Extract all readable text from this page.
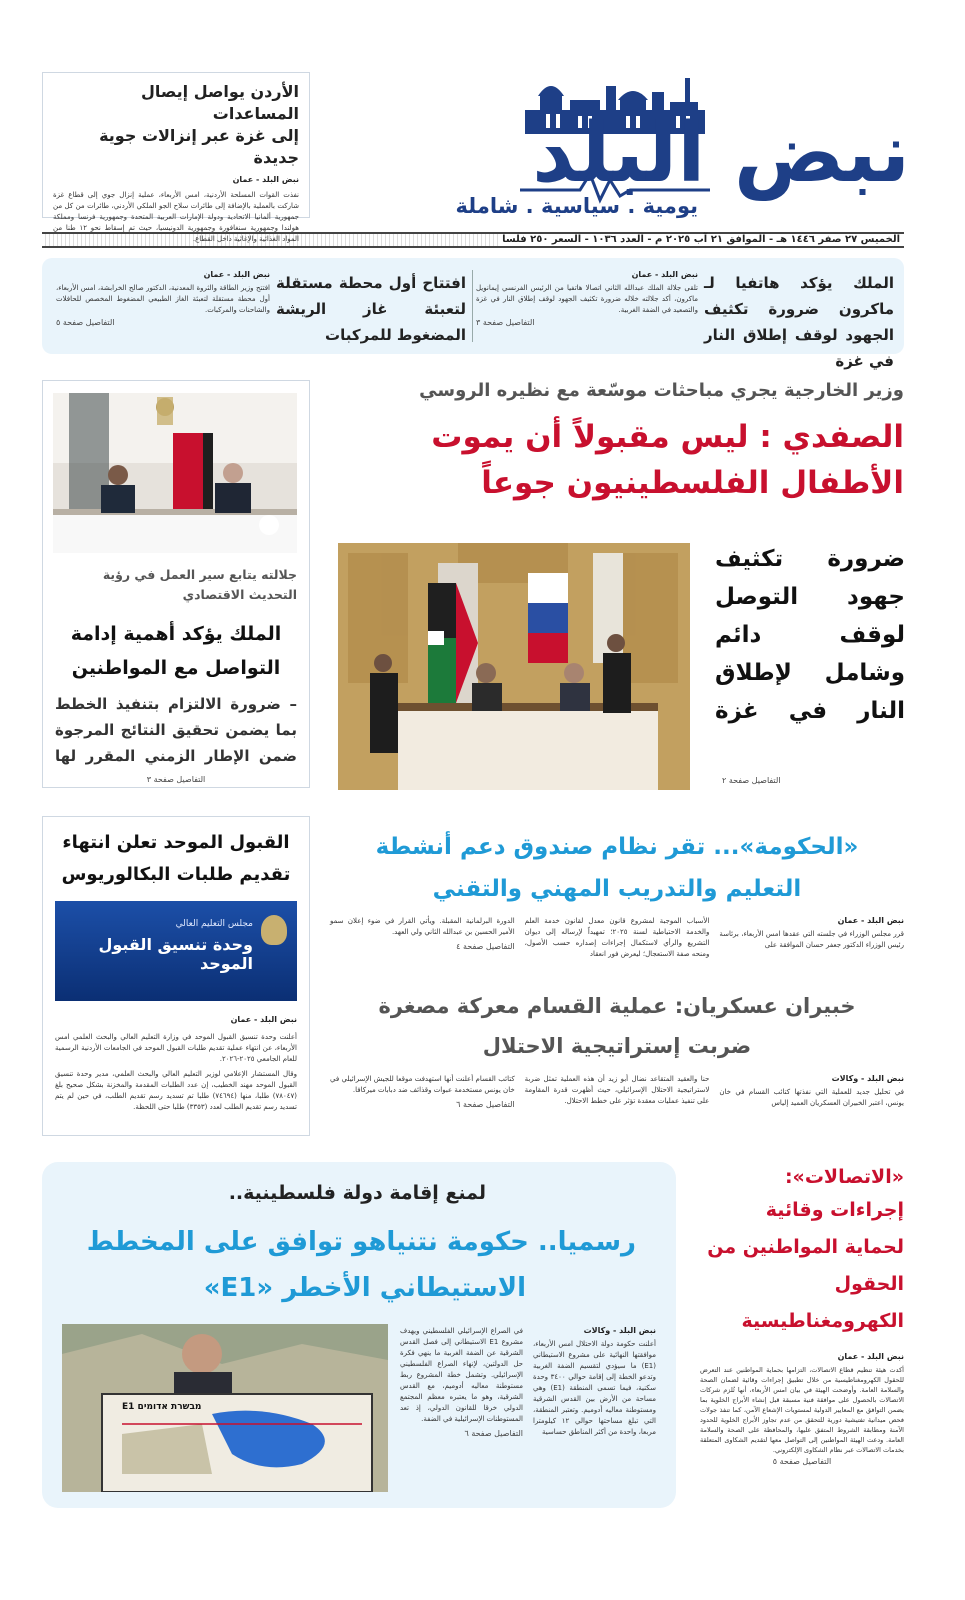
نبض البلد
يومية . سياسية . شاملة
الخميس ٢٧ صفر ١٤٤٦ هـ - الموافق ٢١ آب ٢٠٢٥ م - العدد ١٠٣٦ - السعر ٢٥٠ فلسا
الأردن يواصل إيصال المساعدات
إلى غزة عبر إنزالات جوية جديدة
نبض البلد - عمان
نفذت القوات المسلحة الأردنية، امس الأربعاء، عملية إنزال جوي إلى قطاع غزة شاركت بالعملية بالإضافة إلى طائرات سلاح الجو الملكي الأردني، طائرات من كل من جمهورية ألمانيا الاتحادية ودولة الإمارات العربية المتحدة وجمهورية فرنسا ومملكة هولندا وجمهورية سنغافورة وجمهورية الدونيسيا، حيث تم إسقاط نحو ١٢ طنا من المواد الغذائية والإغاثية داخل القطاع.
الملك يؤكد هاتفيا لـ ماكرون ضرورة تكثيف الجهود لوقف إطلاق النار في غزة
نبض البلد - عمان
تلقى جلالة الملك عبدالله الثاني اتصالا هاتفيا من الرئيس الفرنسي إيمانويل ماكرون، أكد جلالته خلاله ضرورة تكثيف الجهود لوقف إطلاق النار في غزة والتصعيد في الضفة الغربية.
التفاصيل صفحة ٣
افتتاح أول محطة مستقلة لتعبئة غاز الريشة المضغوط للمركبات
نبض البلد - عمان
افتتح وزير الطاقة والثروة المعدنية، الدكتور صالح الخرابشة، امس الأربعاء، أول محطة مستقلة لتعبئة الغاز الطبيعي المضغوط المخصص للحافلات والشاحنات والمركبات.
التفاصيل صفحة ٥
وزير الخارجية يجري مباحثات موسّعة مع نظيره الروسي
الصفدي : ليس مقبولاً أن يموت
الأطفال الفلسطينيون جوعاً
ضرورة تكثيف جهود التوصل لوقف دائم وشامل لإطلاق النار في غزة
التفاصيل صفحة ٢
جلالته يتابع سير العمل في رؤية التحديث الاقتصادي
الملك يؤكد أهمية إدامة التواصل مع المواطنين
– ضرورة الالتزام بتنفيذ الخطط بما يضمن تحقيق النتائج المرجوة ضمن الإطار الزمني المقرر لها
التفاصيل صفحة ٣
«الحكومة»... تقر نظام صندوق دعم أنشطة التعليم والتدريب المهني والتقني
نبض البلد - عمان
قرر مجلس الوزراء في جلسته التي عقدها امس الأربعاء، برئاسة رئيس الوزراء الدكتور جعفر حسان الموافقة على
الأسباب الموجبة لمشروع قانون معدل لقانون خدمة العلم والخدمة الاحتياطية لسنة ٢٠٢٥؛ تمهيداً لإرساله إلى ديوان التشريع والرأي لاستكمال إجراءات إصداره حسب الأصول، ومنحه صفة الاستعجال؛ ليعرض فور انعقاد
الدورة البرلمانية المقبلة. ويأتي القرار في ضوء إعلان سمو الأمير الحسين بن عبدالله الثاني ولي العهد.
التفاصيل صفحة ٤
القبول الموحد تعلن انتهاء تقديم طلبات البكالوريوس
مجلس التعليم العالي
وحدة تنسيق القبول الموحد
نبض البلد - عمان
أعلنت وحدة تنسيق القبول الموحد في وزارة التعليم العالي والبحث العلمي امس الأربعاء، عن انتهاء عملية تقديم طلبات القبول الموحد في الجامعات الأردنية الرسمية للعام الجامعي ٢٠٢٥-٢٠٢٦.
وقال المستشار الإعلامي لوزير التعليم العالي والبحث العلمي، مدير وحدة تنسيق القبول الموحد مهند الخطيب، إن عدد الطلبات المقدمة والمخزنة بشكل صحيح بلغ (٧٨٠٤٧) طلبا، منها (٧٤٦٩٤) طلبا تم تسديد رسم تقديم الطلب، في حين لم يتم تسديد رسم تقديم الطلب لعدد (٣٣٥٣) طلبا حتى اللحظة.
خبيران عسكريان: عملية القسام معركة مصغرة
ضربت إستراتيجية الاحتلال
نبض البلد - وكالات
في تحليل جديد للعملية التي نفذتها كتائب القسام في خان يونس، اعتبر الخبيران العسكريان العميد إلياس
حنا والعقيد المتقاعد نضال أبو زيد أن هذه العملية تمثل ضربة لاستراتيجية الاحتلال الإسرائيلي، حيث أظهرت قدرة المقاومة على تنفيذ عمليات معقدة تؤثر على خطط الاحتلال.
كتائب القسام أعلنت أنها استهدفت موقعا للجيش الإسرائيلي في خان يونس مستخدمة عبوات وقذائف ضد دبابات ميركافا.
التفاصيل صفحة ٦
لمنع إقامة دولة فلسطينية..
رسميا.. حكومة نتنياهو توافق على المخطط
الاستيطاني الأخطر «E1»
מבשרת אדומים E1
نبض البلد - وكالات
أعلنت حكومة دولة الاحتلال امس الأربعاء، موافقتها النهائية على مشروع الاستيطاني (E1) ما سيؤدي لتقسيم الضفة الغربية وتدعو الخطة إلى إقامة حوالي ٣٤٠٠ وحدة سكنية، فيما تسمى المنطقة (E1) وهي مساحة من الأرض بين القدس الشرقية ومستوطنة معاليه أدوميم. وتعتبر المنطقة، التي تبلغ مساحتها حوالي ١٢ كيلومترا مربعا، واحدة من أكثر المناطق حساسية
في الصراع الإسرائيلي الفلسطيني ويهدف مشروع E1 الاستيطاني إلى فصل القدس الشرقية عن الضفة الغربية ما ينهي فكرة حل الدولتين، لإنهاء الصراع الفلسطيني الإسرائيلي. وتشمل خطة المشروع ربط مستوطنة معاليه أدوميم، مع القدس الشرقية، وهو ما يعتبره معظم المجتمع الدولي خرقا للقانون الدولي، إذ تعد المستوطنات الإسرائيلية في الضفة.
التفاصيل صفحة ٦
«الاتصالات»:
إجراءات وقائية لحماية المواطنين من الحقول الكهرومغناطيسية
نبض البلد - عمان
أكدت هيئة تنظيم قطاع الاتصالات، التزامها بحماية المواطنين عند التعرض للحقول الكهرومغناطيسية من خلال تطبيق إجراءات وقائية لضمان الصحة والسلامة العامة. وأوضحت الهيئة في بيان امس الأربعاء، أنها تُلزم شركات الاتصالات بالحصول على موافقة فنية مسبقة قبل إنشاء الأبراج الخلوية بما يضمن التوافق مع المعايير الدولية لمستويات الإشعاع الآمن، كما تنفذ جولات فحص ميدانية تفتيشية دورية للتحقق من عدم تجاوز الأبراج الخلوية للحدود الآمنة ومطابقة الشروط المتفق عليها، والمحافظة على الصحة والسلامة العامة. ودعت الهيئة المواطنين إلى التواصل معها لتقديم الشكاوى المتعلقة بخدمات الاتصالات عبر نظام الشكاوى الإلكتروني.
التفاصيل صفحة ٥
